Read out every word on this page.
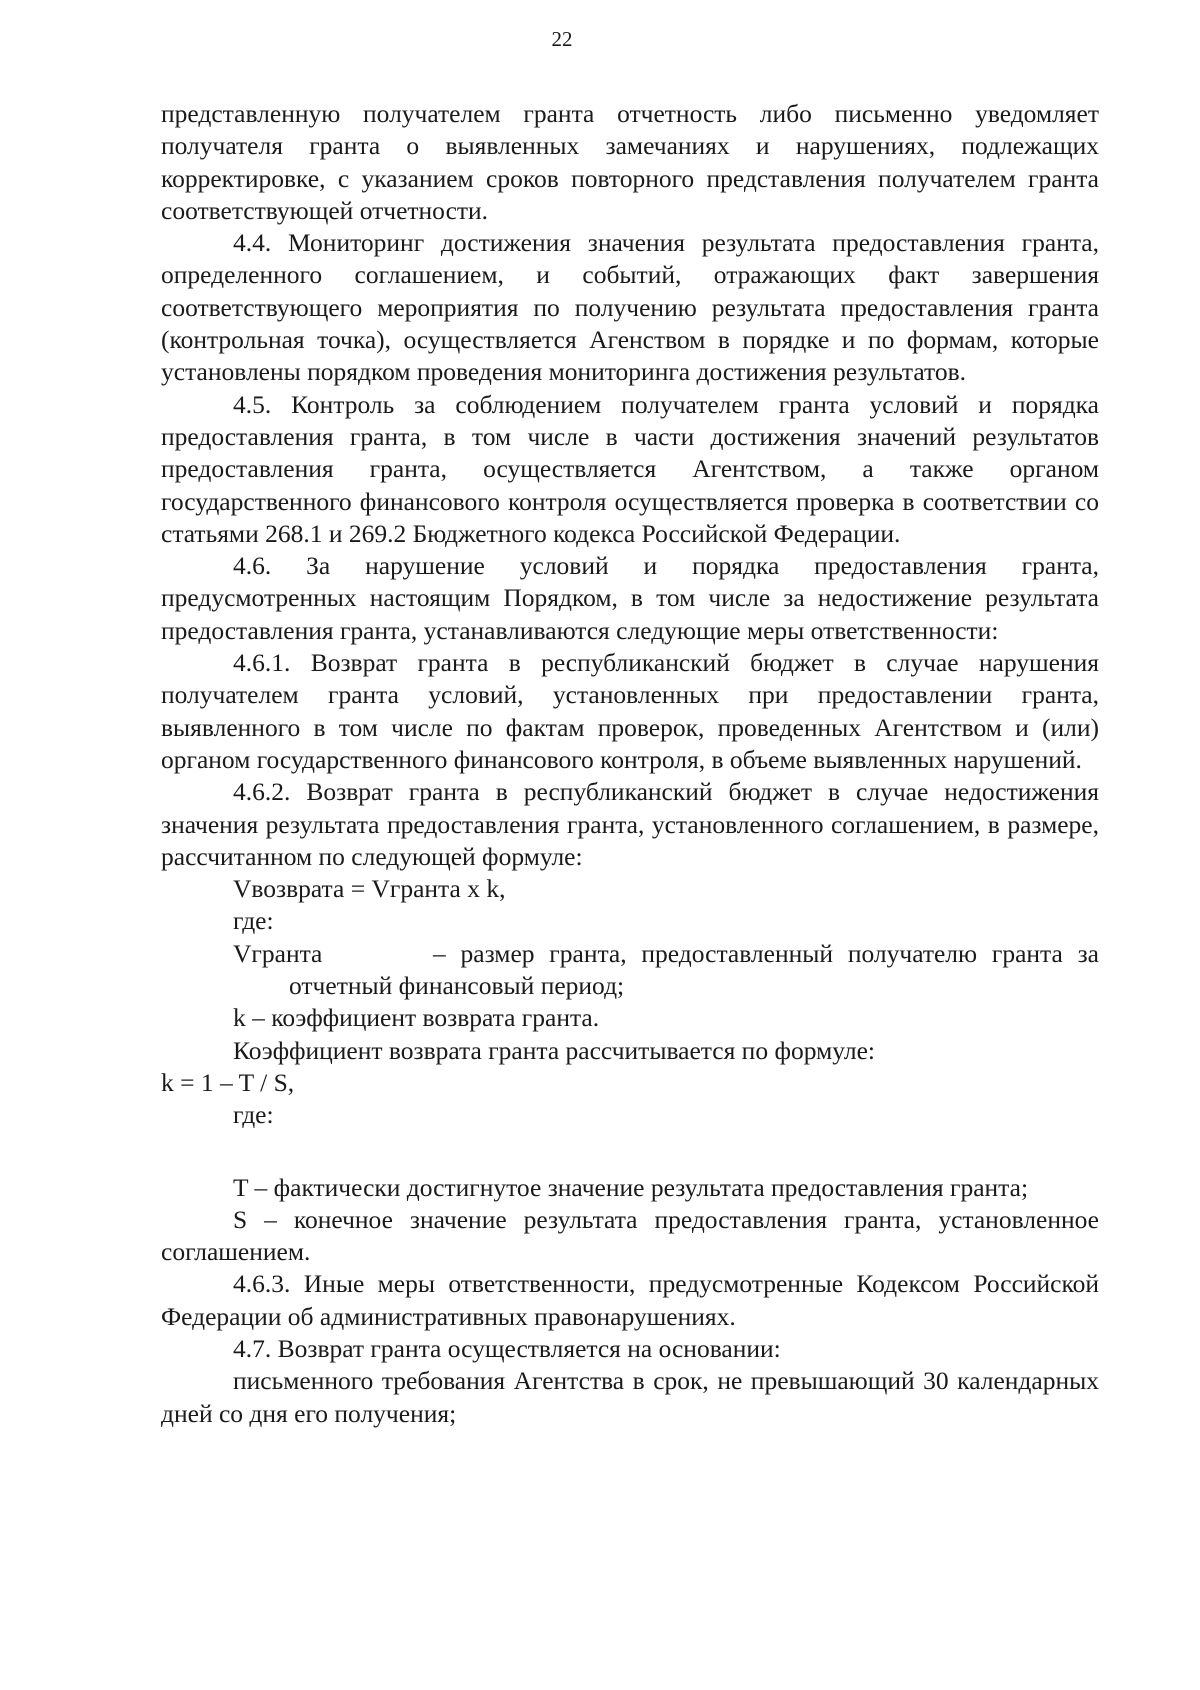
22

представленную получателем гранта отчетность либо письменно уведомляет получателя гранта о выявленных замечаниях и нарушениях, подлежащих корректировке, с указанием сроков повторного представления получателем гранта соответствующей отчетности.

4.4. Мониторинг достижения значения результата предоставления гранта, определенного соглашением, и событий, отражающих факт завершения соответствующего мероприятия по получению результата предоставления гранта (контрольная точка), осуществляется Агенством в порядке и по формам, которые установлены порядком проведения мониторинга достижения результатов.

4.5. Контроль за соблюдением получателем гранта условий и порядка предоставления гранта, в том числе в части достижения значений результатов предоставления гранта, осуществляется Агентством, а также органом государственного финансового контроля осуществляется проверка в соответствии со статьями 268.1 и 269.2 Бюджетного кодекса Российской Федерации.

4.6. За нарушение условий и порядка предоставления гранта, предусмотренных настоящим Порядком, в том числе за недостижение результата предоставления гранта, устанавливаются следующие меры ответственности:

4.6.1. Возврат гранта в республиканский бюджет в случае нарушения получателем гранта условий, установленных при предоставлении гранта, выявленного в том числе по фактам проверок, проведенных Агентством и (или) органом государственного финансового контроля, в объеме выявленных нарушений.

4.6.2. Возврат гранта в республиканский бюджет в случае недостижения значения результата предоставления гранта, установленного соглашением, в размере, рассчитанном по следующей формуле:

Vвозврата = Vгранта x k,

где:

Vгранта	– размер гранта, предоставленный получателю гранта за отчетный финансовый период;

k – коэффициент возврата гранта.

Коэффициент возврата гранта рассчитывается по формуле:

k = 1 – T / S,

где:

T – фактически достигнутое значение результата предоставления гранта;

S – конечное значение результата предоставления гранта, установленное соглашением.

4.6.3. Иные меры ответственности, предусмотренные Кодексом Российской Федерации об административных правонарушениях.

4.7. Возврат гранта осуществляется на основании:

письменного требования Агентства в срок, не превышающий 30 календарных дней со дня его получения;
